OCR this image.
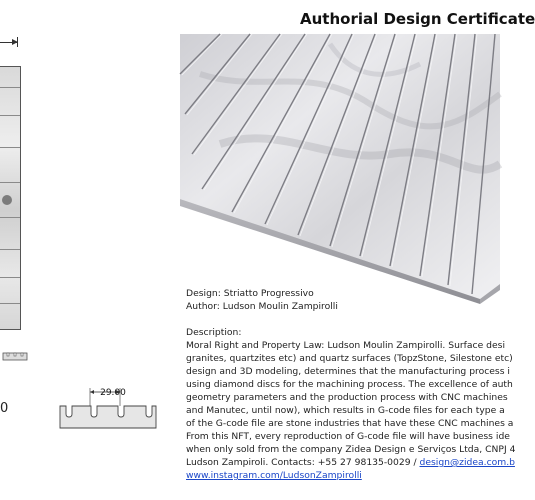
Authorial Design Certificate
0
Design: Striatto Progressivo
Author: Ludson Moulin Zampirolli
Description:
Moral Right and Property Law: Ludson Moulin Zampirolli. Surface desi
granites, quartzites etc) and quartz surfaces (TopzStone, Silestone etc)
design and 3D modeling, determines that the manufacturing process i
using diamond discs for the machining process. The excellence of auth
geometry parameters and the production process with CNC machines
and Manutec, until now), which results in G-code files for each type a
of the G-code file are stone industries that have these CNC machines a
From this NFT, every reproduction of G-code file will have business ide
when only sold from the company Zidea Design e Serviços Ltda, CNPJ 4
Ludson Zampiroli. Contacts: +55 27 98135-0029 / design@zidea.com.b
www.instagram.com/LudsonZampirolli
29.00
